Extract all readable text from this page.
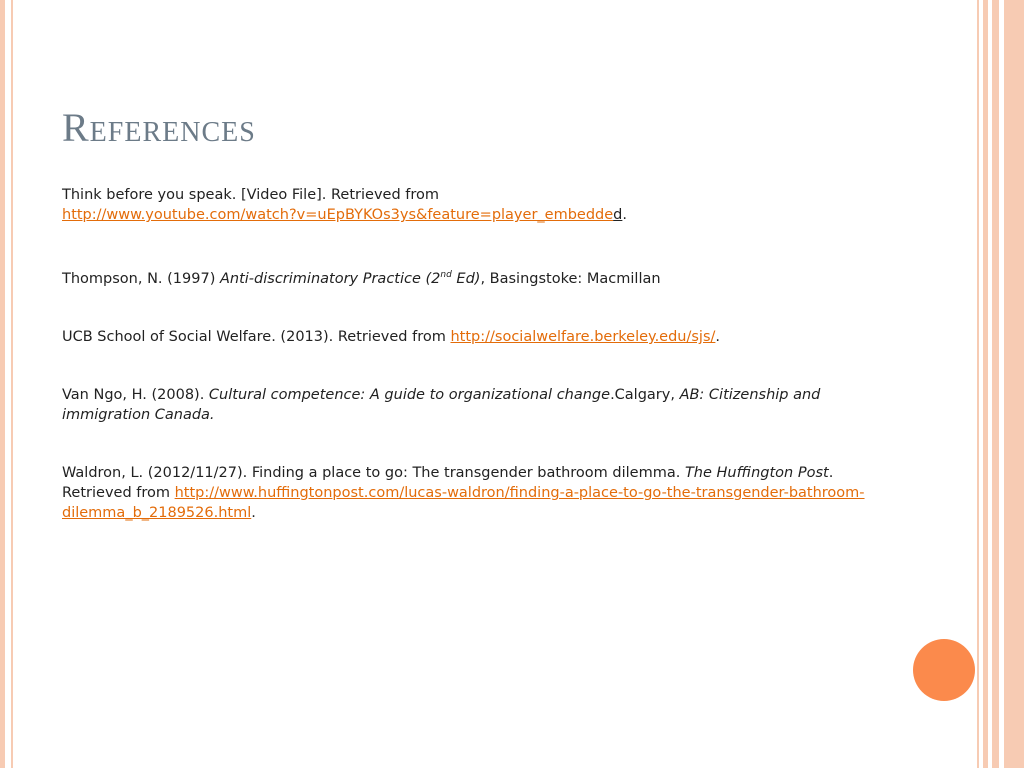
References

Think before you speak. [Video File]. Retrieved from

http://www.youtube.com/watch?v=uEpBYKOs3ys&feature=player_embedded.

Thompson, N. (1997) Anti-discriminatory Practice (2nd Ed), Basingstoke: Macmillan

UCB School of Social Welfare. (2013). Retrieved from http://socialwelfare.berkeley.edu/sjs/.

Van Ngo, H. (2008). Cultural competence: A guide to organizational change.Calgary, AB: Citizenship and immigration Canada.

Waldron, L. (2012/11/27). Finding a place to go: The transgender bathroom dilemma. The Huffington Post. Retrieved from http://www.huffingtonpost.com/lucas-waldron/finding-a-place-to-go-the-transgender-bathroom-dilemma_b_2189526.html.
